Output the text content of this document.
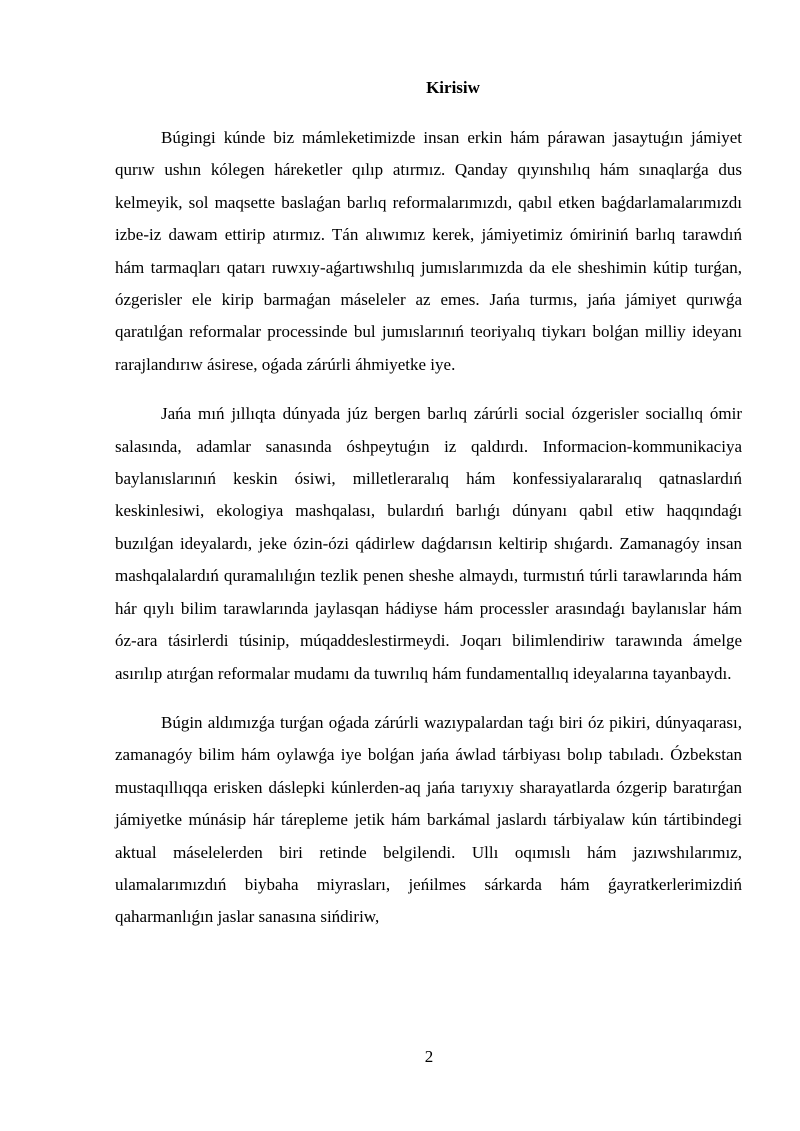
Kirisiw

Búgingi kúnde biz mámleketimizde insan erkin hám párawan jasaytuǵın jámiyet qurıw ushın kólegen háreketler qılıp atırmız. Qanday qıyınshılıq hám sınaqlarǵa dus kelmeyik, sol maqsette baslaǵan barlıq reformalarımızdı, qabıl etken baǵdarlamalarımızdı izbe-iz dawam ettirip atırmız. Tán alıwımız kerek, jámiyetimiz ómiriniń barlıq tarawdıń hám tarmaqları qatarı ruwxıy-aǵartıwshılıq jumıslarımızda da ele sheshimin kútip turǵan, ózgerisler ele kirip barmaǵan máseleler az emes. Jańa turmıs, jańa jámiyet qurıwǵa qaratılǵan reformalar processinde bul jumıslarınıń teoriyalıq tiykarı bolǵan milliy ideyanı rarajlandırıw ásirese, oǵada zárúrli áhmiyetke iye.

Jańa mıń jıllıqta dúnyada júz bergen barlıq zárúrli social ózgerisler sociallıq ómir salasında, adamlar sanasında óshpeytuǵın iz qaldırdı. Informacion-kommunikaciya baylanıslarınıń keskin ósiwi, milletleraralıq hám konfessiyalararalıq qatnaslardıń keskinlesiwi, ekologiya mashqalası, bulardıń barlıǵı dúnyanı qabıl etiw haqqındaǵı buzılǵan ideyalardı, jeke ózin-ózi qádirlew daǵdarısın keltirip shıǵardı. Zamanagóy insan mashqalalardıń quramalılıǵın tezlik penen sheshe almaydı, turmıstıń túrli tarawlarında hám hár qıylı bilim tarawlarında jaylasqan hádiyse hám processler arasındaǵı baylanıslar hám óz-ara tásirlerdi túsinip, múqaddeslestirmeydi. Joqarı bilimlendiriw tarawında ámelge asırılıp atırǵan reformalar mudamı da tuwrılıq hám fundamentallıq ideyalarına tayanbaydı.

Búgin aldımızǵa turǵan oǵada zárúrli wazıypalardan taǵı biri óz pikiri, dúnyaqarası, zamanagóy bilim hám oylawǵa iye bolǵan jańa áwlad tárbiyası bolıp tabıladı. Ózbekstan mustaqıllıqqa erisken dáslepki kúnlerden-aq jańa tarıyxıy sharayatlarda ózgerip baratırǵan jámiyetke múnásip hár tárepleme jetik hám barkámal jaslardı tárbiyalaw kún tártibindegi aktual máselelerden biri retinde belgilendi. Ullı oqımıslı hám jazıwshılarımız, ulamalarımızdıń biybaha miyrasları, jeńilmes sárkarda hám ǵayratkerlerimizdiń qaharmanlıǵın jaslar sanasına sińdiriw,

2
